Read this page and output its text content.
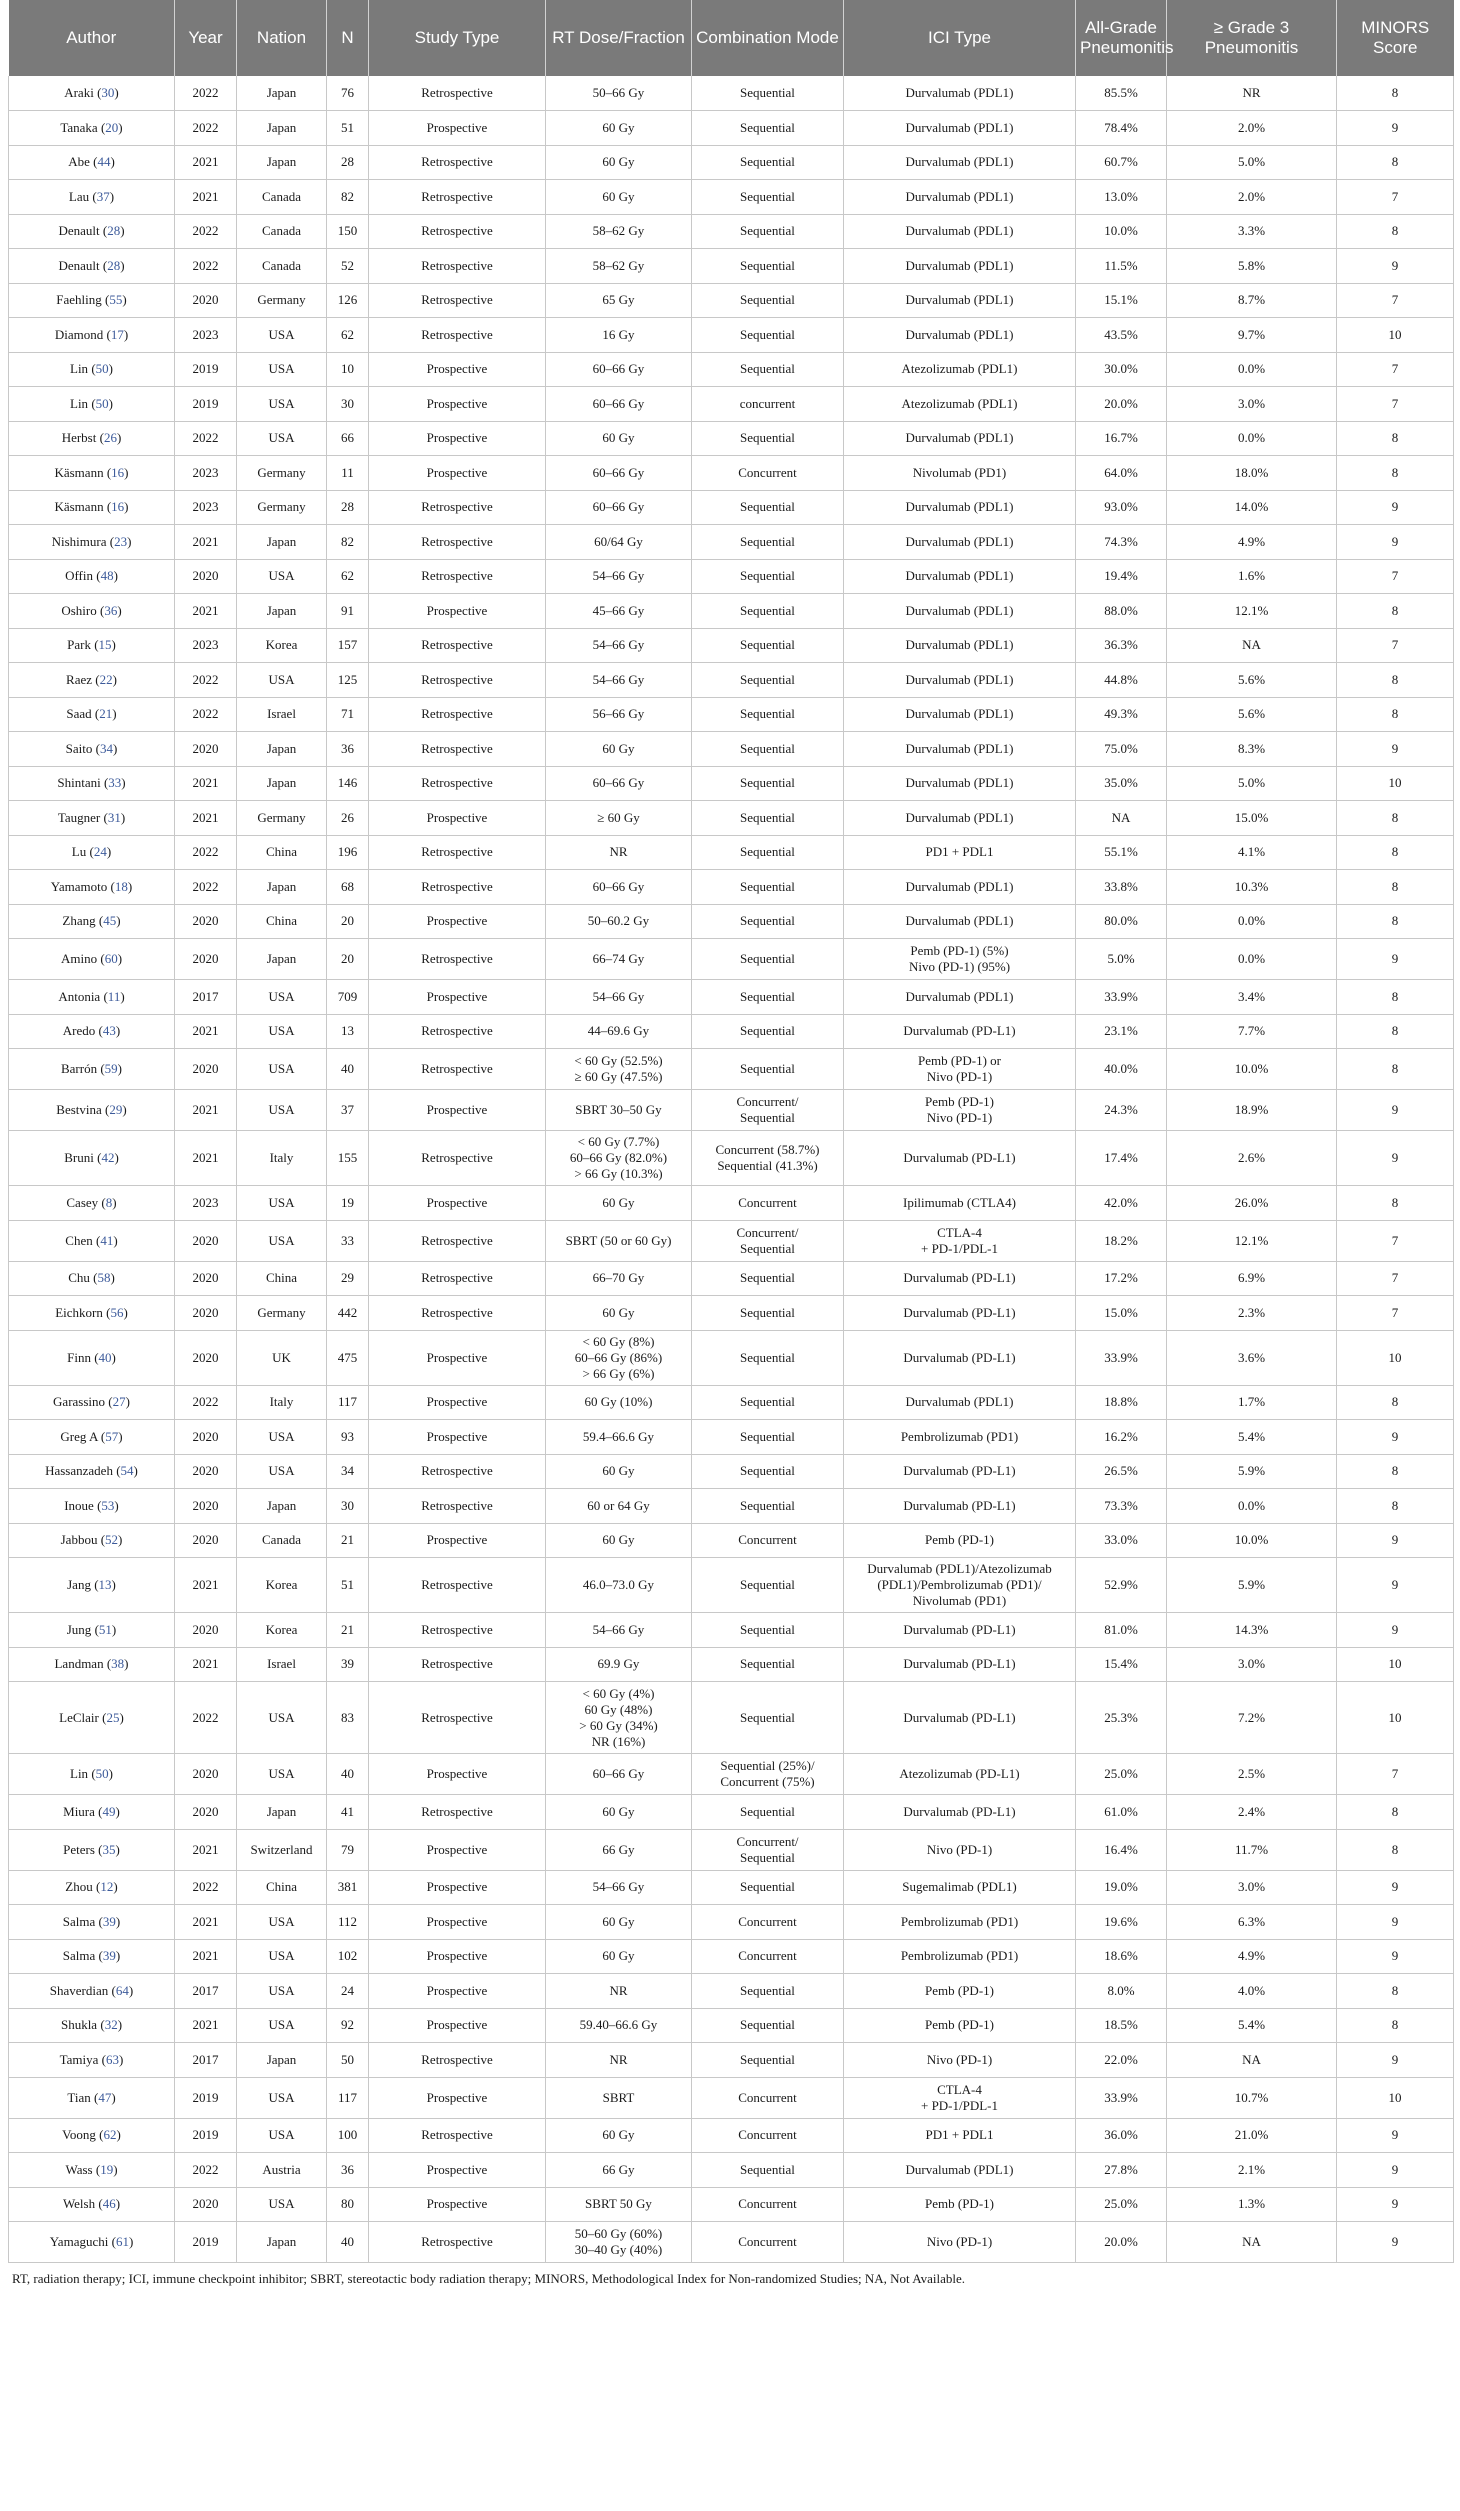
Author	Year	Nation	N	Study Type	RT Dose/Fraction	Combination Mode	ICI Type	All-Grade Pneumonitis	≥ Grade 3 Pneumonitis	MINORS Score
Araki (30)	2022	Japan	76	Retrospective	50–66 Gy	Sequential	Durvalumab (PDL1)	85.5%	NR	8
Tanaka (20)	2022	Japan	51	Prospective	60 Gy	Sequential	Durvalumab (PDL1)	78.4%	2.0%	9
Abe (44)	2021	Japan	28	Retrospective	60 Gy	Sequential	Durvalumab (PDL1)	60.7%	5.0%	8
Lau (37)	2021	Canada	82	Retrospective	60 Gy	Sequential	Durvalumab (PDL1)	13.0%	2.0%	7
Denault (28)	2022	Canada	150	Retrospective	58–62 Gy	Sequential	Durvalumab (PDL1)	10.0%	3.3%	8
Denault (28)	2022	Canada	52	Retrospective	58–62 Gy	Sequential	Durvalumab (PDL1)	11.5%	5.8%	9
Faehling (55)	2020	Germany	126	Retrospective	65 Gy	Sequential	Durvalumab (PDL1)	15.1%	8.7%	7
Diamond (17)	2023	USA	62	Retrospective	16 Gy	Sequential	Durvalumab (PDL1)	43.5%	9.7%	10
Lin (50)	2019	USA	10	Prospective	60–66 Gy	Sequential	Atezolizumab (PDL1)	30.0%	0.0%	7
Lin (50)	2019	USA	30	Prospective	60–66 Gy	concurrent	Atezolizumab (PDL1)	20.0%	3.0%	7
Herbst (26)	2022	USA	66	Prospective	60 Gy	Sequential	Durvalumab (PDL1)	16.7%	0.0%	8
Käsmann (16)	2023	Germany	11	Prospective	60–66 Gy	Concurrent	Nivolumab (PD1)	64.0%	18.0%	8
Käsmann (16)	2023	Germany	28	Retrospective	60–66 Gy	Sequential	Durvalumab (PDL1)	93.0%	14.0%	9
Nishimura (23)	2021	Japan	82	Retrospective	60/64 Gy	Sequential	Durvalumab (PDL1)	74.3%	4.9%	9
Offin (48)	2020	USA	62	Retrospective	54–66 Gy	Sequential	Durvalumab (PDL1)	19.4%	1.6%	7
Oshiro (36)	2021	Japan	91	Prospective	45–66 Gy	Sequential	Durvalumab (PDL1)	88.0%	12.1%	8
Park (15)	2023	Korea	157	Retrospective	54–66 Gy	Sequential	Durvalumab (PDL1)	36.3%	NA	7
Raez (22)	2022	USA	125	Retrospective	54–66 Gy	Sequential	Durvalumab (PDL1)	44.8%	5.6%	8
Saad (21)	2022	Israel	71	Retrospective	56–66 Gy	Sequential	Durvalumab (PDL1)	49.3%	5.6%	8
Saito (34)	2020	Japan	36	Retrospective	60 Gy	Sequential	Durvalumab (PDL1)	75.0%	8.3%	9
Shintani (33)	2021	Japan	146	Retrospective	60–66 Gy	Sequential	Durvalumab (PDL1)	35.0%	5.0%	10
Taugner (31)	2021	Germany	26	Prospective	≥ 60 Gy	Sequential	Durvalumab (PDL1)	NA	15.0%	8
Lu (24)	2022	China	196	Retrospective	NR	Sequential	PD1 + PDL1	55.1%	4.1%	8
Yamamoto (18)	2022	Japan	68	Retrospective	60–66 Gy	Sequential	Durvalumab (PDL1)	33.8%	10.3%	8
Zhang (45)	2020	China	20	Prospective	50–60.2 Gy	Sequential	Durvalumab (PDL1)	80.0%	0.0%	8
Amino (60)	2020	Japan	20	Retrospective	66–74 Gy	Sequential	Pemb (PD-1) (5%)
Nivo (PD-1) (95%)	5.0%	0.0%	9
Antonia (11)	2017	USA	709	Prospective	54–66 Gy	Sequential	Durvalumab (PDL1)	33.9%	3.4%	8
Aredo (43)	2021	USA	13	Retrospective	44–69.6 Gy	Sequential	Durvalumab (PD-L1)	23.1%	7.7%	8
Barrón (59)	2020	USA	40	Retrospective	< 60 Gy (52.5%)
≥ 60 Gy (47.5%)	Sequential	Pemb (PD-1) or
Nivo (PD-1)	40.0%	10.0%	8
Bestvina (29)	2021	USA	37	Prospective	SBRT 30–50 Gy	Concurrent/
Sequential	Pemb (PD-1)
Nivo (PD-1)	24.3%	18.9%	9
Bruni (42)	2021	Italy	155	Retrospective	< 60 Gy (7.7%)
60–66 Gy (82.0%)
> 66 Gy (10.3%)	Concurrent (58.7%)
Sequential (41.3%)	Durvalumab (PD-L1)	17.4%	2.6%	9
Casey (8)	2023	USA	19	Prospective	60 Gy	Concurrent	Ipilimumab (CTLA4)	42.0%	26.0%	8
Chen (41)	2020	USA	33	Retrospective	SBRT (50 or 60 Gy)	Concurrent/
Sequential	CTLA-4
+ PD-1/PDL-1	18.2%	12.1%	7
Chu (58)	2020	China	29	Retrospective	66–70 Gy	Sequential	Durvalumab (PD-L1)	17.2%	6.9%	7
Eichkorn (56)	2020	Germany	442	Retrospective	60 Gy	Sequential	Durvalumab (PD-L1)	15.0%	2.3%	7
Finn (40)	2020	UK	475	Prospective	< 60 Gy (8%)
60–66 Gy (86%)
> 66 Gy (6%)	Sequential	Durvalumab (PD-L1)	33.9%	3.6%	10
Garassino (27)	2022	Italy	117	Prospective	60 Gy (10%)	Sequential	Durvalumab (PDL1)	18.8%	1.7%	8
Greg A (57)	2020	USA	93	Prospective	59.4–66.6 Gy	Sequential	Pembrolizumab (PD1)	16.2%	5.4%	9
Hassanzadeh (54)	2020	USA	34	Retrospective	60 Gy	Sequential	Durvalumab (PD-L1)	26.5%	5.9%	8
Inoue (53)	2020	Japan	30	Retrospective	60 or 64 Gy	Sequential	Durvalumab (PD-L1)	73.3%	0.0%	8
Jabbou (52)	2020	Canada	21	Prospective	60 Gy	Concurrent	Pemb (PD-1)	33.0%	10.0%	9
Jang (13)	2021	Korea	51	Retrospective	46.0–73.0 Gy	Sequential	Durvalumab (PDL1)/Atezolizumab
(PDL1)/Pembrolizumab (PD1)/
Nivolumab (PD1)	52.9%	5.9%	9
Jung (51)	2020	Korea	21	Retrospective	54–66 Gy	Sequential	Durvalumab (PD-L1)	81.0%	14.3%	9
Landman (38)	2021	Israel	39	Retrospective	69.9 Gy	Sequential	Durvalumab (PD-L1)	15.4%	3.0%	10
LeClair (25)	2022	USA	83	Retrospective	< 60 Gy (4%)
60 Gy (48%)
> 60 Gy (34%)
NR (16%)	Sequential	Durvalumab (PD-L1)	25.3%	7.2%	10
Lin (50)	2020	USA	40	Prospective	60–66 Gy	Sequential (25%)/
Concurrent (75%)	Atezolizumab (PD-L1)	25.0%	2.5%	7
Miura (49)	2020	Japan	41	Retrospective	60 Gy	Sequential	Durvalumab (PD-L1)	61.0%	2.4%	8
Peters (35)	2021	Switzerland	79	Prospective	66 Gy	Concurrent/
Sequential	Nivo (PD-1)	16.4%	11.7%	8
Zhou (12)	2022	China	381	Prospective	54–66 Gy	Sequential	Sugemalimab (PDL1)	19.0%	3.0%	9
Salma (39)	2021	USA	112	Prospective	60 Gy	Concurrent	Pembrolizumab (PD1)	19.6%	6.3%	9
Salma (39)	2021	USA	102	Prospective	60 Gy	Concurrent	Pembrolizumab (PD1)	18.6%	4.9%	9
Shaverdian (64)	2017	USA	24	Prospective	NR	Sequential	Pemb (PD-1)	8.0%	4.0%	8
Shukla (32)	2021	USA	92	Prospective	59.40–66.6 Gy	Sequential	Pemb (PD-1)	18.5%	5.4%	8
Tamiya (63)	2017	Japan	50	Retrospective	NR	Sequential	Nivo (PD-1)	22.0%	NA	9
Tian (47)	2019	USA	117	Prospective	SBRT	Concurrent	CTLA-4
+ PD-1/PDL-1	33.9%	10.7%	10
Voong (62)	2019	USA	100	Retrospective	60 Gy	Concurrent	PD1 + PDL1	36.0%	21.0%	9
Wass (19)	2022	Austria	36	Prospective	66 Gy	Sequential	Durvalumab (PDL1)	27.8%	2.1%	9
Welsh (46)	2020	USA	80	Prospective	SBRT 50 Gy	Concurrent	Pemb (PD-1)	25.0%	1.3%	9
Yamaguchi (61)	2019	Japan	40	Retrospective	50–60 Gy (60%)
30–40 Gy (40%)	Concurrent	Nivo (PD-1)	20.0%	NA	9
RT, radiation therapy; ICI, immune checkpoint inhibitor; SBRT, stereotactic body radiation therapy; MINORS, Methodological Index for Non-randomized Studies; NA, Not Available.
